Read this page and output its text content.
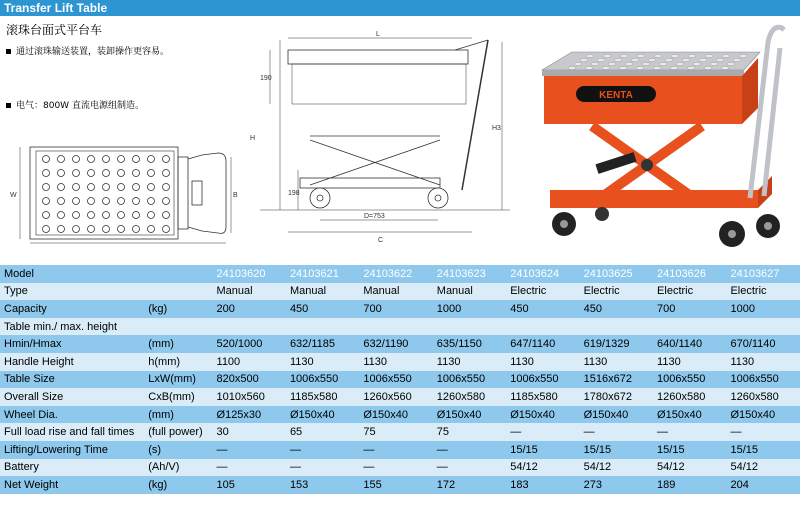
Transfer Lift Table
滚珠台面式平台车
通过滚珠输送装置，装卸操作更容易。
电气：800W 直流电源组制造。
W	B
L
190
H
198
H3
D=753
C
KENTA
Model		24103620	24103621	24103622	24103623	24103624	24103625	24103626	24103627
Type		Manual	Manual	Manual	Manual	Electric	Electric	Electric	Electric
Capacity	(kg)	200	450	700	1000	450	450	700	1000
Table min./ max. height									
Hmin/Hmax	(mm)	520/1000	632/1185	632/1190	635/1150	647/1140	619/1329	640/1140	670/1140
Handle Height	h(mm)	1100	1130	1130	1130	1130	1130	1130	1130
Table Size	LxW(mm)	820x500	1006x550	1006x550	1006x550	1006x550	1516x672	1006x550	1006x550
Overall Size	CxB(mm)	1010x560	1185x580	1260x560	1260x580	1185x580	1780x672	1260x580	1260x580
Wheel Dia.	(mm)	Ø125x30	Ø150x40	Ø150x40	Ø150x40	Ø150x40	Ø150x40	Ø150x40	Ø150x40
Full load rise and fall times	(full power)	30	65	75	75	—	—	—	—
Lifting/Lowering Time	(s)	—	—	—	—	15/15	15/15	15/15	15/15
Battery	(Ah/V)	—	—	—	—	54/12	54/12	54/12	54/12
Net Weight	(kg)	105	153	155	172	183	273	189	204
